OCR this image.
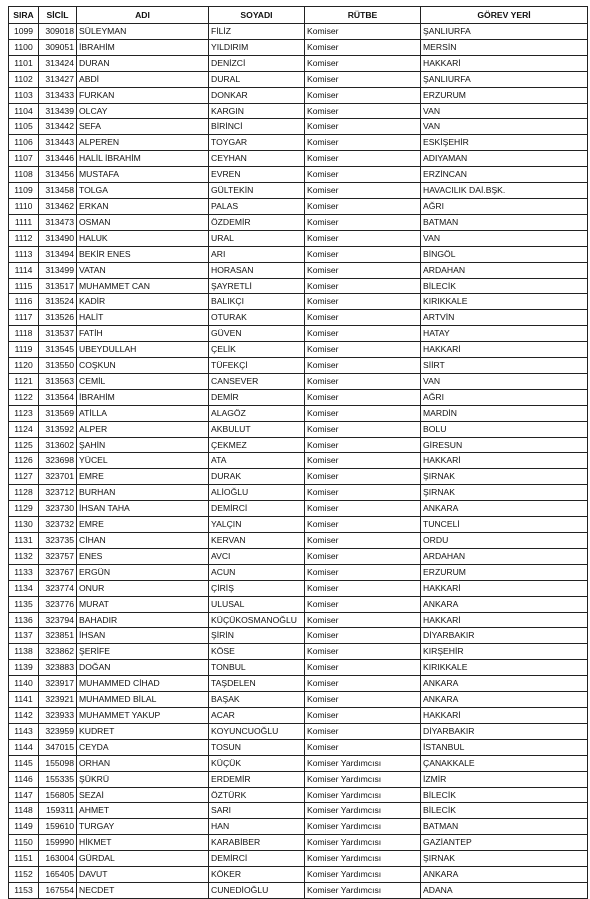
SIRA	SİCİL	ADI	SOYADI	RÜTBE	GÖREV YERİ
1099	309018	SÜLEYMAN	FİLİZ	Komiser	ŞANLIURFA
1100	309051	İBRAHİM	YILDIRIM	Komiser	MERSİN
1101	313424	DURAN	DENİZCİ	Komiser	HAKKARİ
1102	313427	ABDİ	DURAL	Komiser	ŞANLIURFA
1103	313433	FURKAN	DONKAR	Komiser	ERZURUM
1104	313439	OLCAY	KARGIN	Komiser	VAN
1105	313442	SEFA	BİRİNCİ	Komiser	VAN
1106	313443	ALPEREN	TOYGAR	Komiser	ESKİŞEHİR
1107	313446	HALİL İBRAHİM	CEYHAN	Komiser	ADIYAMAN
1108	313456	MUSTAFA	EVREN	Komiser	ERZİNCAN
1109	313458	TOLGA	GÜLTEKİN	Komiser	HAVACILIK DAİ.BŞK.
1110	313462	ERKAN	PALAS	Komiser	AĞRI
1111	313473	OSMAN	ÖZDEMİR	Komiser	BATMAN
1112	313490	HALUK	URAL	Komiser	VAN
1113	313494	BEKİR ENES	ARI	Komiser	BİNGÖL
1114	313499	VATAN	HORASAN	Komiser	ARDAHAN
1115	313517	MUHAMMET CAN	ŞAYRETLİ	Komiser	BİLECİK
1116	313524	KADİR	BALIKÇI	Komiser	KIRIKKALE
1117	313526	HALİT	OTURAK	Komiser	ARTVİN
1118	313537	FATİH	GÜVEN	Komiser	HATAY
1119	313545	UBEYDULLAH	ÇELİK	Komiser	HAKKARİ
1120	313550	COŞKUN	TÜFEKÇİ	Komiser	SİİRT
1121	313563	CEMİL	CANSEVER	Komiser	VAN
1122	313564	İBRAHİM	DEMİR	Komiser	AĞRI
1123	313569	ATİLLA	ALAGÖZ	Komiser	MARDİN
1124	313592	ALPER	AKBULUT	Komiser	BOLU
1125	313602	ŞAHİN	ÇEKMEZ	Komiser	GİRESUN
1126	323698	YÜCEL	ATA	Komiser	HAKKARİ
1127	323701	EMRE	DURAK	Komiser	ŞIRNAK
1128	323712	BURHAN	ALİOĞLU	Komiser	ŞIRNAK
1129	323730	İHSAN TAHA	DEMİRCİ	Komiser	ANKARA
1130	323732	EMRE	YALÇIN	Komiser	TUNCELİ
1131	323735	CİHAN	KERVAN	Komiser	ORDU
1132	323757	ENES	AVCI	Komiser	ARDAHAN
1133	323767	ERGÜN	ACUN	Komiser	ERZURUM
1134	323774	ONUR	ÇİRİŞ	Komiser	HAKKARİ
1135	323776	MURAT	ULUSAL	Komiser	ANKARA
1136	323794	BAHADIR	KÜÇÜKOSMANOĞLU	Komiser	HAKKARİ
1137	323851	İHSAN	ŞİRİN	Komiser	DİYARBAKIR
1138	323862	ŞERİFE	KÖSE	Komiser	KIRŞEHİR
1139	323883	DOĞAN	TONBUL	Komiser	KIRIKKALE
1140	323917	MUHAMMED CİHAD	TAŞDELEN	Komiser	ANKARA
1141	323921	MUHAMMED BİLAL	BAŞAK	Komiser	ANKARA
1142	323933	MUHAMMET YAKUP	ACAR	Komiser	HAKKARİ
1143	323959	KUDRET	KOYUNCUOĞLU	Komiser	DİYARBAKIR
1144	347015	CEYDA	TOSUN	Komiser	İSTANBUL
1145	155098	ORHAN	KÜÇÜK	Komiser Yardımcısı	ÇANAKKALE
1146	155335	ŞÜKRÜ	ERDEMİR	Komiser Yardımcısı	İZMİR
1147	156805	SEZAİ	ÖZTÜRK	Komiser Yardımcısı	BİLECİK
1148	159311	AHMET	SARI	Komiser Yardımcısı	BİLECİK
1149	159610	TURGAY	HAN	Komiser Yardımcısı	BATMAN
1150	159990	HİKMET	KARABİBER	Komiser Yardımcısı	GAZİANTEP
1151	163004	GÜRDAL	DEMİRCİ	Komiser Yardımcısı	ŞIRNAK
1152	165405	DAVUT	KÖKER	Komiser Yardımcısı	ANKARA
1153	167554	NECDET	CUNEDİOĞLU	Komiser Yardımcısı	ADANA
